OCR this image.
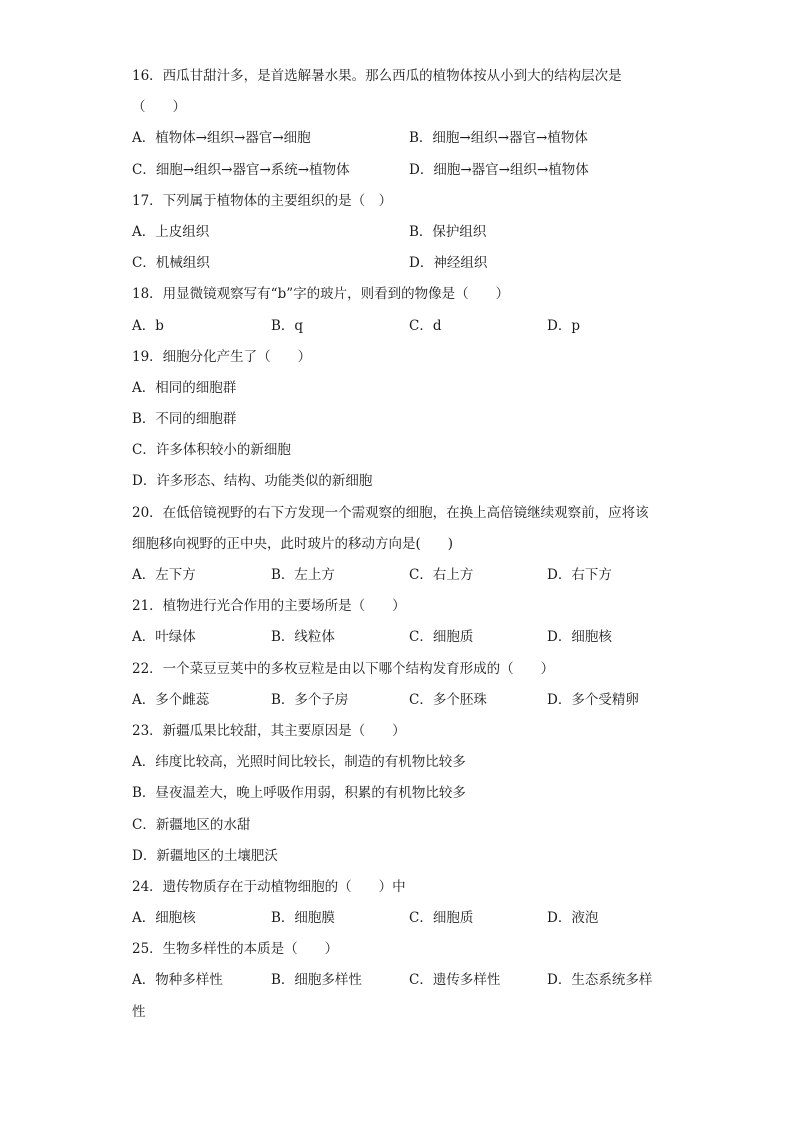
16．西瓜甘甜汁多，是首选解暑水果。那么西瓜的植物体按从小到大的结构层次是
（　　）
A．植物体→组织→器官→细胞	B．细胞→组织→器官→植物体
C．细胞→组织→器官→系统→植物体	D．细胞→器官→组织→植物体
17．下列属于植物体的主要组织的是（　）
A．上皮组织	B．保护组织
C．机械组织	D．神经组织
18．用显微镜观察写有“b”字的玻片，则看到的物像是（　　）
A．b	B．q	C．d	D．p
19．细胞分化产生了（　　）
A．相同的细胞群
B．不同的细胞群
C．许多体积较小的新细胞
D．许多形态、结构、功能类似的新细胞
20．在低倍镜视野的右下方发现一个需观察的细胞，在换上高倍镜继续观察前，应将该
细胞移向视野的正中央，此时玻片的移动方向是(　　)
A．左下方	B．左上方	C．右上方	D．右下方
21．植物进行光合作用的主要场所是（　　）
A．叶绿体	B．线粒体	C．细胞质	D．细胞核
22．一个菜豆豆荚中的多枚豆粒是由以下哪个结构发育形成的（　　）
A．多个雌蕊	B．多个子房	C．多个胚珠	D．多个受精卵
23．新疆瓜果比较甜，其主要原因是（　　）
A．纬度比较高，光照时间比较长，制造的有机物比较多
B．昼夜温差大，晚上呼吸作用弱，积累的有机物比较多
C．新疆地区的水甜
D．新疆地区的土壤肥沃
24．遗传物质存在于动植物细胞的（　　）中
A．细胞核	B．细胞膜	C．细胞质	D．液泡
25．生物多样性的本质是（　　）
A．物种多样性	B．细胞多样性	C．遗传多样性	D．生态系统多样
性
